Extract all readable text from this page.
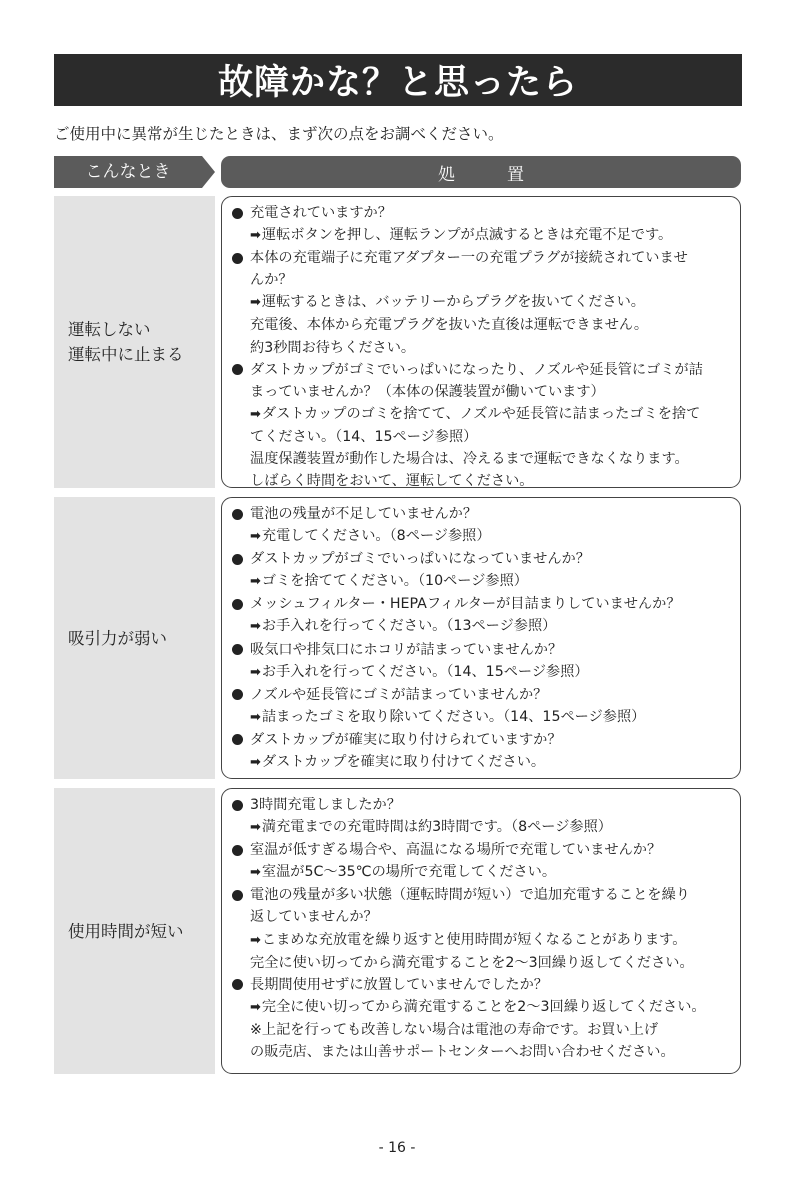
故障かな？と思ったら
ご使用中に異常が生じたときは、まず次の点をお調べください。
こんなとき	処	置
運転しない
運転中に止まる
充電されていますか？
➡運転ボタンを押し、運転ランプが点滅するときは充電不足です。
本体の充電端子に充電アダプター一の充電プラグが接続されていませ
んか？
➡運転するときは、バッテリーからプラグを抜いてください。
充電後、本体から充電プラグを抜いた直後は運転できません。
約3秒間お待ちください。
ダストカップがゴミでいっぱいになったり、ノズルや延長管にゴミが詰
まっていませんか？（本体の保護装置が働いています）
➡ダストカップのゴミを捨てて、ノズルや延長管に詰まったゴミを捨て
てください。（14、15ページ参照）
温度保護装置が動作した場合は、冷えるまで運転できなくなります。
しばらく時間をおいて、運転してください。
吸引力が弱い
電池の残量が不足していませんか？
➡充電してください。（8ページ参照）
ダストカップがゴミでいっぱいになっていませんか？
➡ゴミを捨ててください。（10ページ参照）
メッシュフィルター・HEPAフィルターが目詰まりしていませんか？
➡お手入れを行ってください。（13ページ参照）
吸気口や排気口にホコリが詰まっていませんか？
➡お手入れを行ってください。（14、15ページ参照）
ノズルや延長管にゴミが詰まっていませんか？
➡詰まったゴミを取り除いてください。（14、15ページ参照）
ダストカップが確実に取り付けられていますか？
➡ダストカップを確実に取り付けてください。
使用時間が短い
3時間充電しましたか？
➡満充電までの充電時間は約3時間です。（8ページ参照）
室温が低すぎる場合や、高温になる場所で充電していませんか？
➡室温が5C～35℃の場所で充電してください。
電池の残量が多い状態（運転時間が短い）で追加充電することを繰り
返していませんか？
➡こまめな充放電を繰り返すと使用時間が短くなることがあります。
完全に使い切ってから満充電することを2～3回繰り返してください。
長期間使用せずに放置していませんでしたか？
➡完全に使い切ってから満充電することを2～3回繰り返してください。
※上記を行っても改善しない場合は電池の寿命です。お買い上げ
の販売店、または山善サポートセンターへお問い合わせください。
- 16 -
